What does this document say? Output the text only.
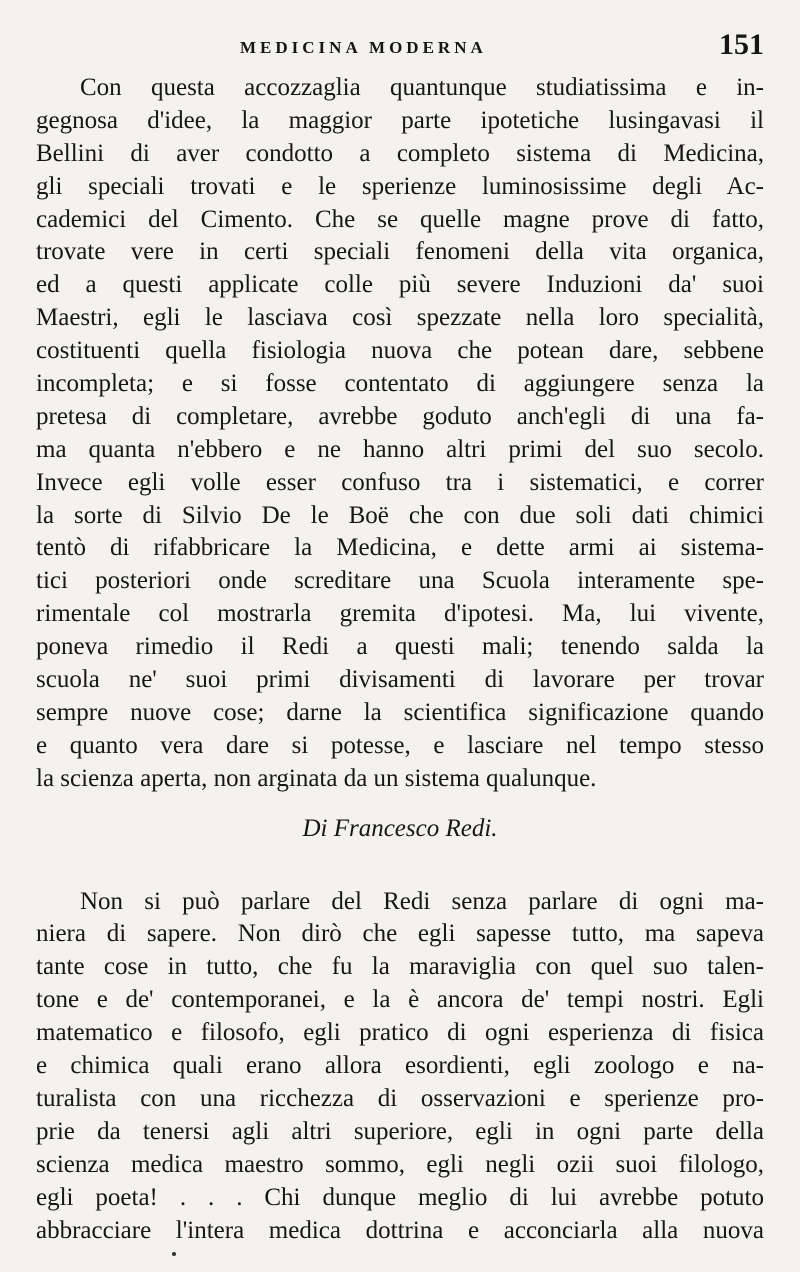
MEDICINA MODERNA	151
Con questa accozzaglia quantunque studiatissima e in-
gegnosa d'idee, la maggior parte ipotetiche lusingavasi il
Bellini di aver condotto a completo sistema di Medicina,
gli speciali trovati e le sperienze luminosissime degli Ac-
cademici del Cimento. Che se quelle magne prove di fatto,
trovate vere in certi speciali fenomeni della vita organica,
ed a questi applicate colle più severe Induzioni da' suoi
Maestri, egli le lasciava così spezzate nella loro specialità,
costituenti quella fisiologia nuova che potean dare, sebbene
incompleta; e si fosse contentato di aggiungere senza la
pretesa di completare, avrebbe goduto anch'egli di una fa-
ma quanta n'ebbero e ne hanno altri primi del suo secolo.
Invece egli volle esser confuso tra i sistematici, e correr
la sorte di Silvio De le Boë che con due soli dati chimici
tentò di rifabbricare la Medicina, e dette armi ai sistema-
tici posteriori onde screditare una Scuola interamente spe-
rimentale col mostrarla gremita d'ipotesi. Ma, lui vivente,
poneva rimedio il Redi a questi mali; tenendo salda la
scuola ne' suoi primi divisamenti di lavorare per trovar
sempre nuove cose; darne la scientifica significazione quando
e quanto vera dare si potesse, e lasciare nel tempo stesso
la scienza aperta, non arginata da un sistema qualunque.
Di Francesco Redi.
Non si può parlare del Redi senza parlare di ogni ma-
niera di sapere. Non dirò che egli sapesse tutto, ma sapeva
tante cose in tutto, che fu la maraviglia con quel suo talen-
tone e de' contemporanei, e la è ancora de' tempi nostri. Egli
matematico e filosofo, egli pratico di ogni esperienza di fisica
e chimica quali erano allora esordienti, egli zoologo e na-
turalista con una ricchezza di osservazioni e sperienze pro-
prie da tenersi agli altri superiore, egli in ogni parte della
scienza medica maestro sommo, egli negli ozii suoi filologo,
egli poeta! . . . Chi dunque meglio di lui avrebbe potuto
abbracciare l'intera medica dottrina e acconciarla alla nuova
